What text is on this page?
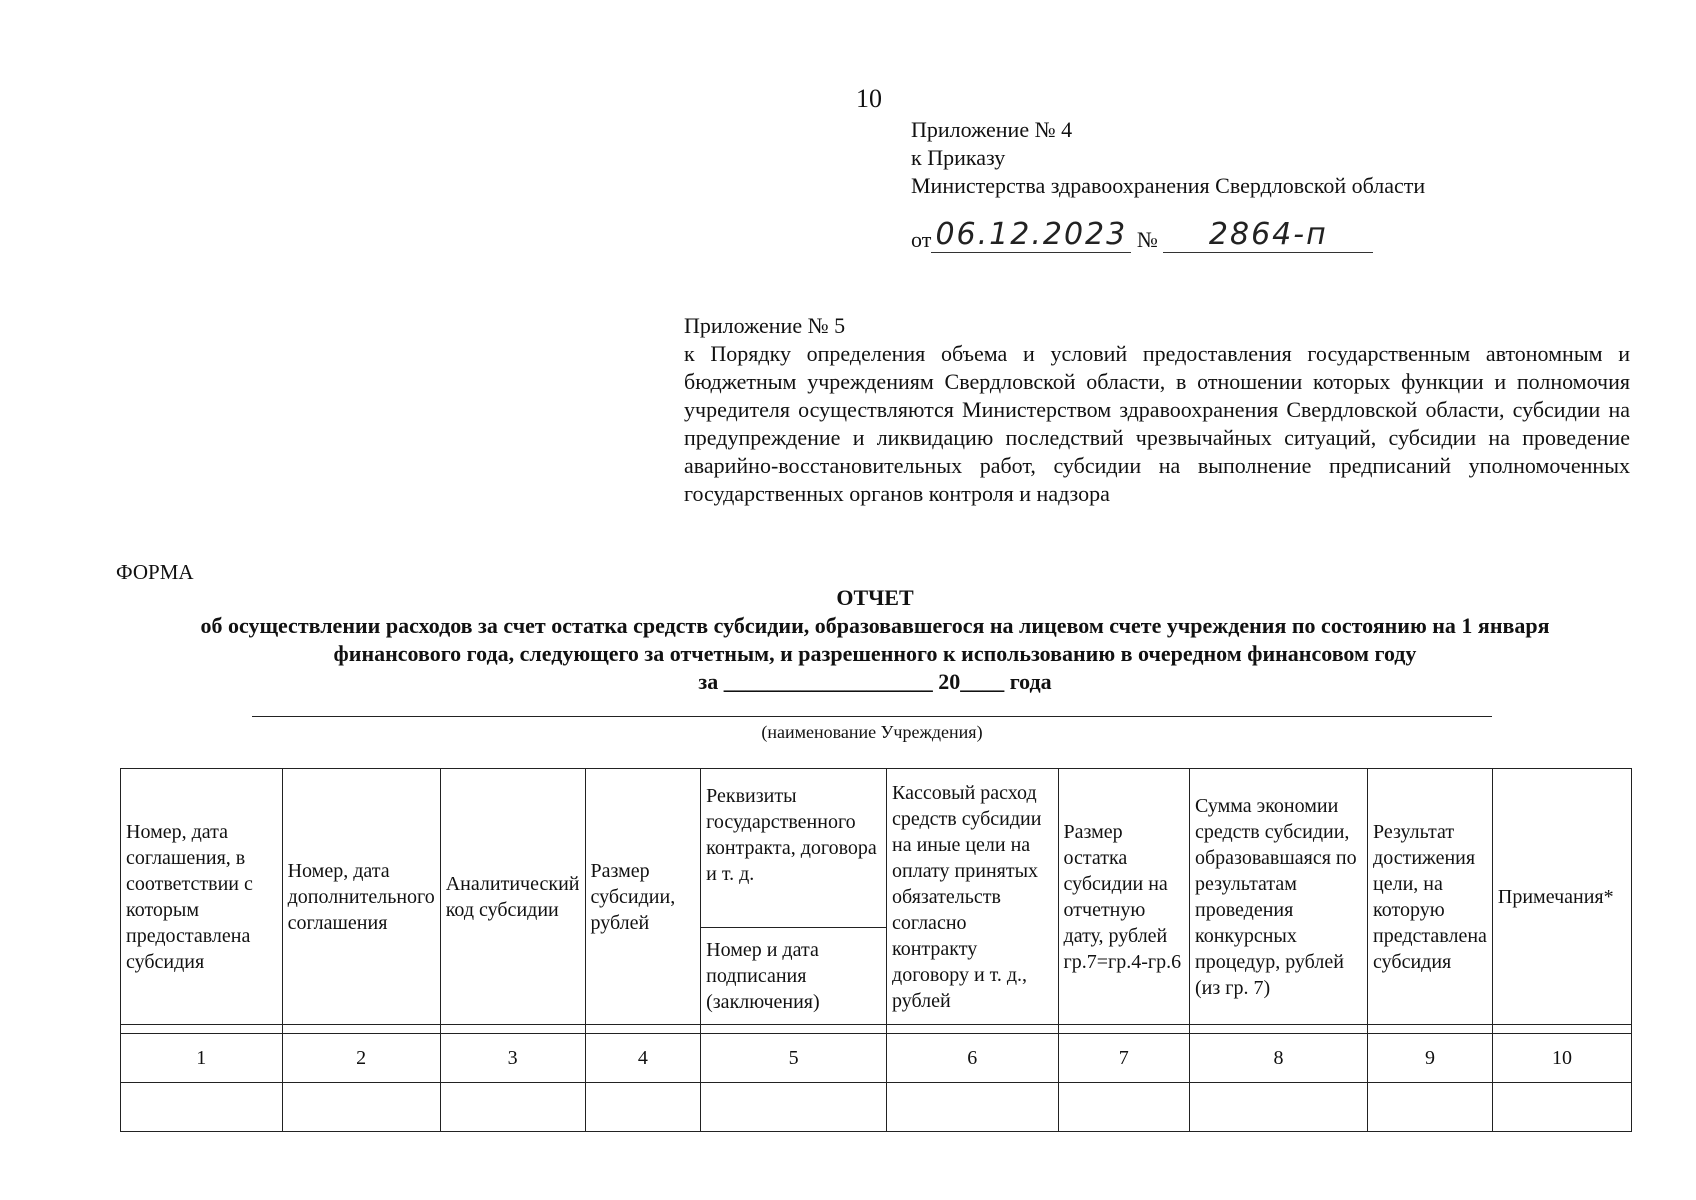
10
Приложение № 4
к Приказу
Министерства здравоохранения Свердловской области
от 06.12.2023 № 2864-п
Приложение № 5
к Порядку определения объема и условий предоставления государственным автономным и бюджетным учреждениям Свердловской области, в отношении которых функции и полномочия учредителя осуществляются Министерством здравоохранения Свердловской области, субсидии на предупреждение и ликвидацию последствий чрезвычайных ситуаций, субсидии на проведение аварийно-восстановительных работ, субсидии на выполнение предписаний уполномоченных государственных органов контроля и надзора
ФОРМА
ОТЧЕТ
об осуществлении расходов за счет остатка средств субсидии, образовавшегося на лицевом счете учреждения по состоянию на 1 января
финансового года, следующего за отчетным, и разрешенного к использованию в очередном финансовом году
за ___________________ 20____ года
(наименование Учреждения)
Номер, дата соглашения, в соответствии с которым предоставлена субсидия	Номер, дата дополнительного соглашения	Аналитический код субсидии	Размер субсидии, рублей	Реквизиты государственного контракта, договора и т. д.	Кассовый расход средств субсидии на иные цели на оплату принятых обязательств согласно контракту договору и т. д., рублей	Размер остатка субсидии на отчетную дату, рублей гр.7=гр.4-гр.6	Сумма экономии средств субсидии, образовавшаяся по результатам проведения конкурсных процедур, рублей (из гр. 7)	Результат достижения цели, на которую представлена субсидия	Примечания*
				Номер и дата подписания (заключения)					

1	2	3	4	5	6	7	8	9	10
